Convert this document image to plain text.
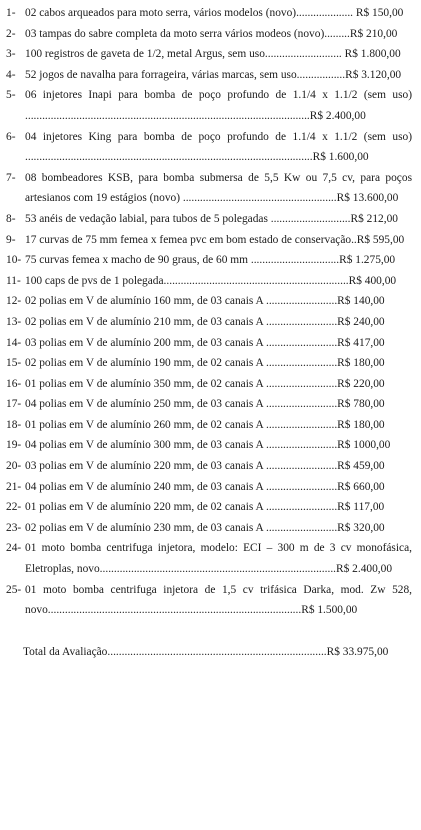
1- 02 cabos arqueados para moto serra, vários modelos (novo).................... R$ 150,00
2- 03 tampas do sabre completa da moto serra vários modeos (novo).........R$ 210,00
3- 100 registros de gaveta de 1/2, metal Argus, sem uso........................... R$ 1.800,00
4- 52 jogos de navalha para forrageira, várias marcas, sem uso.................R$ 3.120,00
5- 06 injetores Inapi para bomba de poço profundo de 1.1/4 x 1.1/2 (sem uso) ....................................................................................................R$ 2.400,00
6- 04 injetores King para bomba de poço profundo de 1.1/4 x 1.1/2 (sem uso) .....................................................................................................R$ 1.600,00
7- 08 bombeadores KSB, para bomba submersa de 5,5 Kw ou 7,5 cv, para poços artesianos com 19 estágios (novo) ......................................................R$ 13.600,00
8- 53 anéis de vedação labial, para tubos de 5 polegadas ............................R$ 212,00
9- 17 curvas de 75 mm femea x femea pvc em bom estado de conservação..R$ 595,00
10- 75 curvas femea x macho de 90 graus, de 60 mm ...............................R$ 1.275,00
11- 100 caps de pvs de 1 polegada.................................................................R$ 400,00
12- 02 polias em V de alumínio 160 mm, de 03 canais A .........................R$ 140,00
13- 02 polias em V de alumínio 210 mm, de 03 canais A .........................R$ 240,00
14- 03 polias em V de alumínio 200 mm, de 03 canais A .........................R$ 417,00
15- 02 polias em V de alumínio 190 mm, de 02 canais A .........................R$ 180,00
16- 01 polias em V de alumínio 350 mm, de 02 canais A .........................R$ 220,00
17- 04 polias em V de alumínio 250 mm, de 03 canais A .........................R$ 780,00
18- 01 polias em V de alumínio 260 mm, de 02 canais A .........................R$ 180,00
19- 04 polias em V de alumínio 300 mm, de 03 canais A .........................R$ 1000,00
20- 03 polias em V de alumínio 220 mm, de 03 canais A .........................R$ 459,00
21- 04 polias em V de alumínio 240 mm, de 03 canais A .........................R$ 660,00
22- 01 polias em V de alumínio 220 mm, de 02 canais A .........................R$ 117,00
23- 02 polias em V de alumínio 230 mm, de 03 canais A .........................R$ 320,00
24- 01 moto bomba centrifuga injetora, modelo: ECI – 300 m de 3 cv monofásica, Eletroplas, novo...................................................................................R$ 2.400,00
25- 01 moto bomba centrifuga injetora de 1,5 cv trifásica Darka, mod. Zw 528, novo.........................................................................................R$ 1.500,00
Total da Avaliação.............................................................................R$ 33.975,00
